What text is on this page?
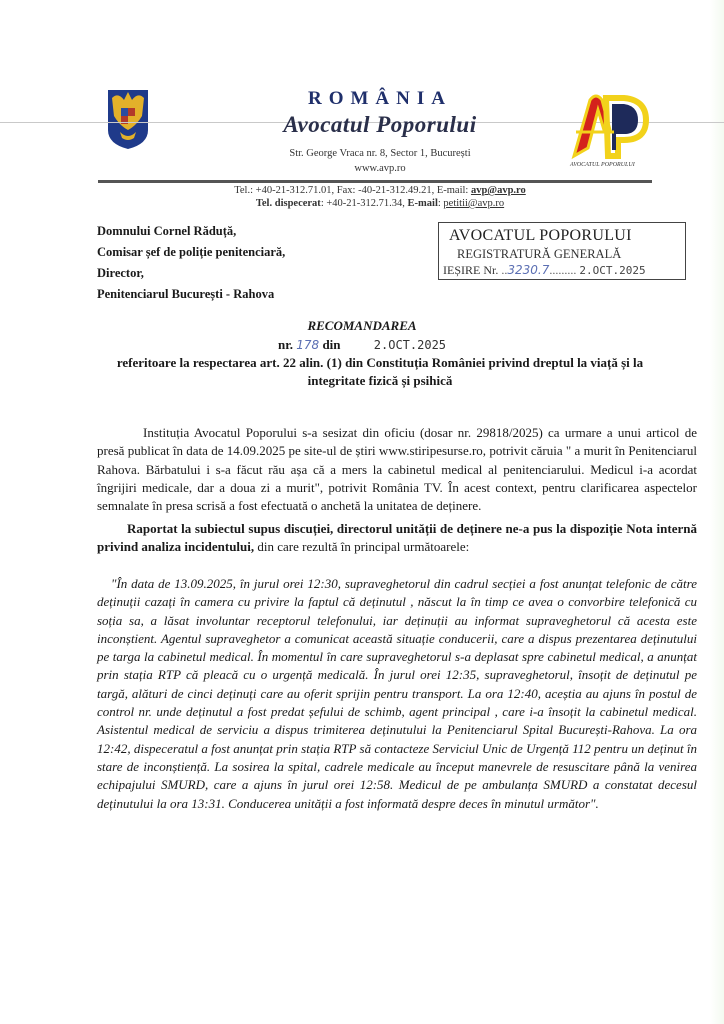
ROMÂNIA
Avocatul Poporului
Str. George Vraca nr. 8, Sector 1, București
www.avp.ro	AVOCATUL POPORULUI
Tel.: +40-21-312.71.01, Fax: -40-21-312.49.21, E-mail: avp@avp.ro
Tel. dispecerat: +40-21-312.71.34, E-mail: petitii@avp.ro
Domnului Cornel Răduță,
Comisar șef de poliție penitenciară,
Director,
Penitenciarul București - Rahova
AVOCATUL POPORULUI
REGISTRATURĂ GENERALĂ
IEȘIRE Nr. ..3230.7......... 2.OCT.2025
RECOMANDAREA
nr. 178 din	2.OCT.2025
referitoare la respectarea art. 22 alin. (1) din Constituția României privind dreptul la viață și la integritate fizică și psihică
Instituția Avocatul Poporului s-a sesizat din oficiu (dosar nr. 29818/2025) ca urmare a unui articol de presă publicat în data de 14.09.2025 pe site-ul de știri www.stiripesurse.ro, potrivit căruia " a murit în Penitenciarul Rahova. Bărbatului i s-a făcut rău așa că a mers la cabinetul medical al penitenciarului. Medicul i-a acordat îngrijiri medicale, dar a doua zi a murit", potrivit România TV. În acest context, pentru clarificarea aspectelor semnalate în presa scrisă a fost efectuată o anchetă la unitatea de deținere.
Raportat la subiectul supus discuției, directorul unității de deținere ne-a pus la dispoziție Nota internă privind analiza incidentului, din care rezultă în principal următoarele:
"În data de 13.09.2025, în jurul orei 12:30, supraveghetorul din cadrul secției a fost anunțat telefonic de către deținuții cazați în camera cu privire la faptul că deținutul , născut la în timp ce avea o convorbire telefonică cu soția sa, a lăsat involuntar receptorul telefonului, iar deținuții au informat supraveghetorul că acesta este inconștient. Agentul supraveghetor a comunicat această situație conducerii, care a dispus prezentarea deținutului pe targa la cabinetul medical. În momentul în care supraveghetorul s-a deplasat spre cabinetul medical, a anunțat prin stația RTP că pleacă cu o urgență medicală. În jurul orei 12:35, supraveghetorul, însoțit de deținutul pe targă, alături de cinci deținuți care au oferit sprijin pentru transport. La ora 12:40, aceștia au ajuns în postul de control nr. unde deținutul a fost predat șefului de schimb, agent principal , care i-a însoțit la cabinetul medical. Asistentul medical de serviciu a dispus trimiterea deținutului la Penitenciarul Spital București-Rahova. La ora 12:42, dispeceratul a fost anunțat prin stația RTP să contacteze Serviciul Unic de Urgență 112 pentru un deținut în stare de inconștiență. La sosirea la spital, cadrele medicale au început manevrele de resuscitare până la venirea echipajului SMURD, care a ajuns în jurul orei 12:58. Medicul de pe ambulanța SMURD a constatat decesul deținutului la ora 13:31. Conducerea unității a fost informată despre deces în minutul următor".
